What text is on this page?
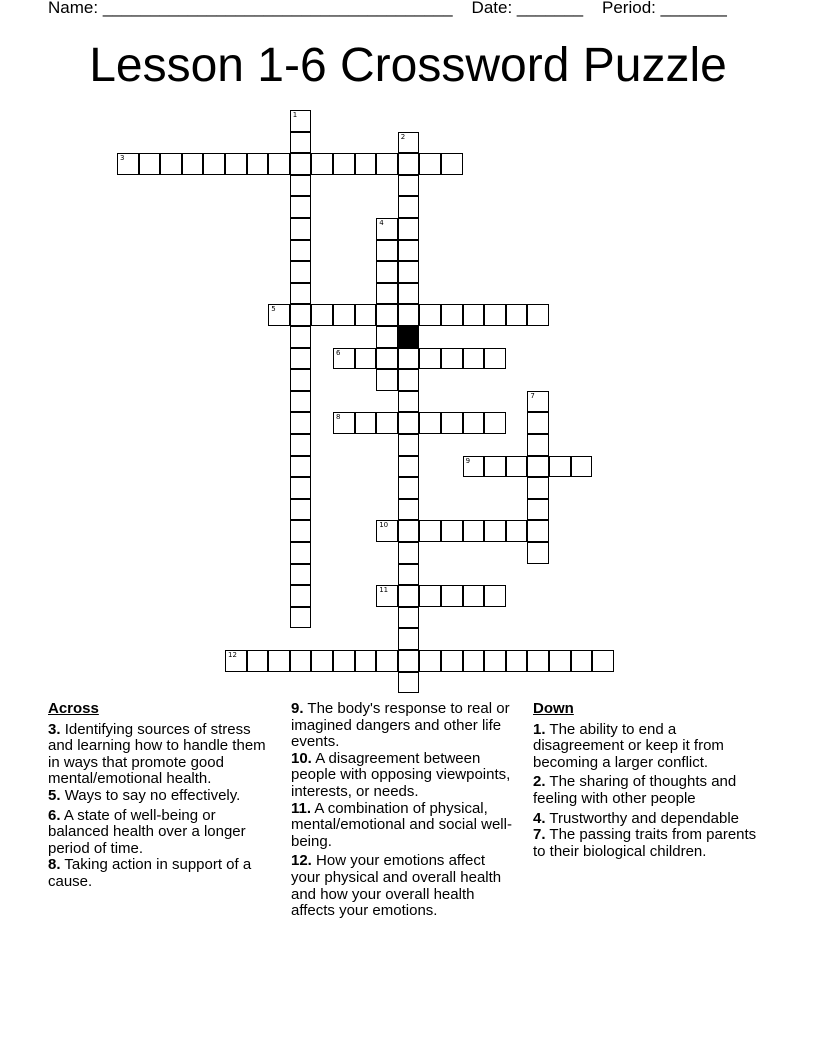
Name: _____________________________________ Date: _______ Period: _______
Lesson 1-6 Crossword Puzzle
1
2
3
4
5
6
7
8
9
10
11
12
Across
3. Identifying sources of stress and learning how to handle them in ways that promote good mental/emotional health.
5. Ways to say no effectively.
6. A state of well-being or balanced health over a longer period of time.
8. Taking action in support of a cause.
9. The body's response to real or imagined dangers and other life events.
10. A disagreement between people with opposing viewpoints, interests, or needs.
11. A combination of physical, mental/emotional and social well-being.
12. How your emotions affect your physical and overall health and how your overall health affects your emotions.
Down
1. The ability to end a disagreement or keep it from becoming a larger conflict.
2. The sharing of thoughts and feeling with other people
4. Trustworthy and dependable
7. The passing traits from parents to their biological children.
